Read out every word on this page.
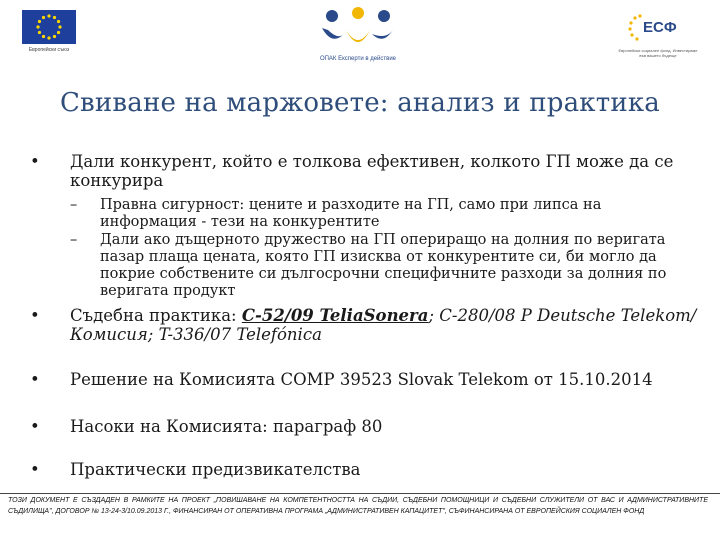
Европейски съюз
ОПАК Експерти в действие
ЕСФ
Европейски социален фонд. Инвестираме във вашето бъдеще
Свиване на маржовете: анализ и практика
• Дали конкурент, който е толкова ефективен, колкото ГП може да се конкурира
– Правна сигурност: цените и разходите на ГП, само при липса на информация - тези на конкурентите
– Дали ако дъщерното дружество на ГП опериращо на долния по веригата пазар плаща цената, която ГП изисква от конкурентите си, би могло да покрие собствените си дългосрочни специфичните разходи за долния по веригата продукт
• Съдебна практика: C-52/09 TeliaSonera; C-280/08 P Deutsche Telekom/Комисия; T-336/07 Telefónica
• Решение на Комисията COMP 39523 Slovak Telekom от 15.10.2014
• Насоки на Комисията: параграф 80
• Практически предизвикателства
ТОЗИ ДОКУМЕНТ Е СЪЗДАДЕН В РАМКИТЕ НА ПРОЕКТ „ПОВИШАВАНЕ НА КОМПЕТЕНТНОСТТА НА СЪДИИ, СЪДЕБНИ ПОМОЩНИЦИ И СЪДЕБНИ СЛУЖИТЕЛИ ОТ ВАС И АДМИНИСТРАТИВНИТЕ СЪДИЛИЩА", ДОГОВОР № 13-24-3/10.09.2013 Г., ФИНАНСИРАН ОТ ОПЕРАТИВНА ПРОГРАМА „АДМИНИСТРАТИВЕН КАПАЦИТЕТ", СЪФИНАНСИРАНА ОТ ЕВРОПЕЙСКИЯ СОЦИАЛЕН ФОНД
